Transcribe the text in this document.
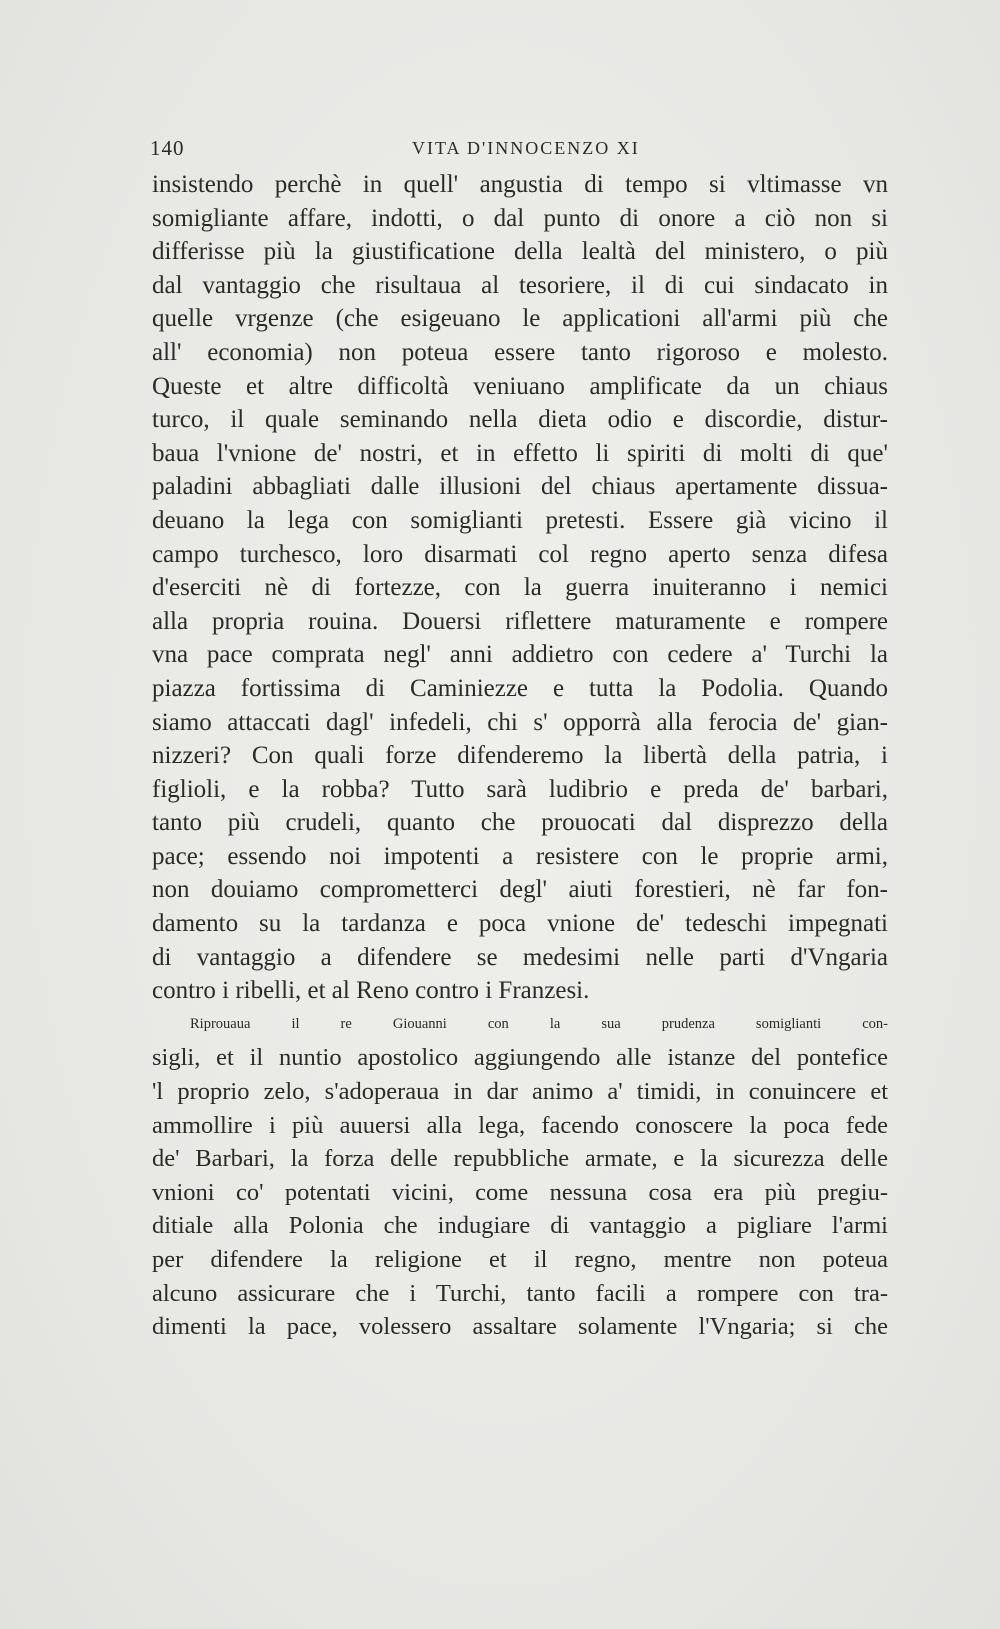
140	VITA D'INNOCENZO XI
insistendo perchè in quell' angustia di tempo si vltimasse vn
somigliante affare, indotti, o dal punto di onore a ciò non si
differisse più la giustificatione della lealtà del ministero, o più
dal vantaggio che risultaua al tesoriere, il di cui sindacato in
quelle vrgenze (che esigeuano le applicationi all'armi più che
all' economia) non poteua essere tanto rigoroso e molesto.
Queste et altre difficoltà veniuano amplificate da un chiaus
turco, il quale seminando nella dieta odio e discordie, distur-
baua l'vnione de' nostri, et in effetto li spiriti di molti di que'
paladini abbagliati dalle illusioni del chiaus apertamente dissua-
deuano la lega con somiglianti pretesti. Essere già vicino il
campo turchesco, loro disarmati col regno aperto senza difesa
d'eserciti nè di fortezze, con la guerra inuiteranno i nemici
alla propria rouina. Douersi riflettere maturamente e rompere
vna pace comprata negl' anni addietro con cedere a' Turchi la
piazza fortissima di Caminiezze e tutta la Podolia. Quando
siamo attaccati dagl' infedeli, chi s' opporrà alla ferocia de' gian-
nizzeri? Con quali forze difenderemo la libertà della patria, i
figlioli, e la robba? Tutto sarà ludibrio e preda de' barbari,
tanto più crudeli, quanto che prouocati dal disprezzo della
pace; essendo noi impotenti a resistere con le proprie armi,
non douiamo comprometterci degl' aiuti forestieri, nè far fon-
damento su la tardanza e poca vnione de' tedeschi impegnati
di vantaggio a difendere se medesimi nelle parti d'Vngaria
contro i ribelli, et al Reno contro i Franzesi.
Riprouaua il re Giouanni con la sua prudenza somiglianti con-
sigli, et il nuntio apostolico aggiungendo alle istanze del pontefice
'l proprio zelo, s'adoperaua in dar animo a' timidi, in conuincere et
ammollire i più auuersi alla lega, facendo conoscere la poca fede
de' Barbari, la forza delle repubbliche armate, e la sicurezza delle
vnioni co' potentati vicini, come nessuna cosa era più pregiu-
ditiale alla Polonia che indugiare di vantaggio a pigliare l'armi
per difendere la religione et il regno, mentre non poteua
alcuno assicurare che i Turchi, tanto facili a rompere con tra-
dimenti la pace, volessero assaltare solamente l'Vngaria; si che
